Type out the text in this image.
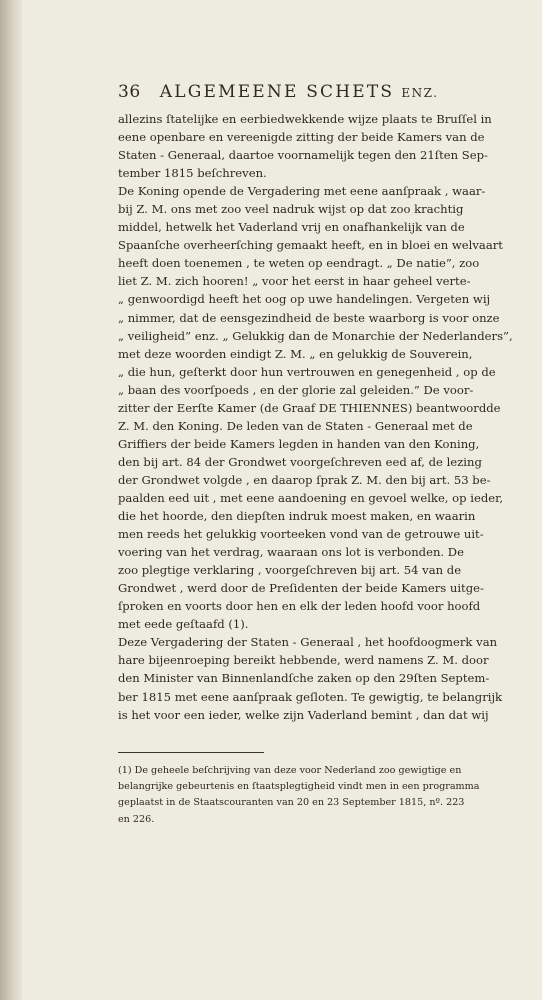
36 ALGEMEENE SCHETS ENZ.
allezins ſtatelijke en eerbiedwekkende wijze plaats te Bruſſel in
eene openbare en vereenigde zitting der beide Kamers van de
Staten - Generaal, daartoe voornamelijk tegen den 21ſten Sep-
tember 1815 beſchreven.
De Koning opende de Vergadering met eene aanſpraak , waar-
bij Z. M. ons met zoo veel nadruk wijst op dat zoo krachtig
middel, hetwelk het Vaderland vrij en onafhankelijk van de
Spaanſche overheerſching gemaakt heeft, en in bloei en welvaart
heeft doen toenemen , te weten op eendragt. „ De natie”, zoo
liet Z. M. zich hooren! „ voor het eerst in haar geheel verte-
„ genwoordigd heeft het oog op uwe handelingen. Vergeten wij
„ nimmer, dat de eensgezindheid de beste waarborg is voor onze
„ veiligheid” enz. „ Gelukkig dan de Monarchie der Nederlanders”,
met deze woorden eindigt Z. M. „ en gelukkig de Souverein,
„ die hun, geſterkt door hun vertrouwen en genegenheid , op de
„ baan des voorſpoeds , en der glorie zal geleiden.” De voor-
zitter der Eerſte Kamer (de Graaf DE THIENNES) beantwoordde
Z. M. den Koning. De leden van de Staten - Generaal met de
Griffiers der beide Kamers legden in handen van den Koning,
den bij art. 84 der Grondwet voorgeſchreven eed af, de lezing
der Grondwet volgde , en daarop ſprak Z. M. den bij art. 53 be-
paalden eed uit , met eene aandoening en gevoel welke, op ieder,
die het hoorde, den diepſten indruk moest maken, en waarin
men reeds het gelukkig voorteeken vond van de getrouwe uit-
voering van het verdrag, waaraan ons lot is verbonden. De
zoo plegtige verklaring , voorgeſchreven bij art. 54 van de
Grondwet , werd door de Preſidenten der beide Kamers uitge-
ſproken en voorts door hen en elk der leden hoofd voor hoofd
met eede geſtaafd (1).
Deze Vergadering der Staten - Generaal , het hoofdoogmerk van
hare bijeenroeping bereikt hebbende, werd namens Z. M. door
den Minister van Binnenlandſche zaken op den 29ſten Septem-
ber 1815 met eene aanſpraak geſloten. Te gewigtig, te belangrijk
is het voor een ieder, welke zijn Vaderland bemint , dan dat wij
(1) De geheele beſchrijving van deze voor Nederland zoo gewigtige en
belangrijke gebeurtenis en ſtaatsplegtigheid vindt men in een programma
geplaatst in de Staatscouranten van 20 en 23 September 1815, nº. 223
en 226.
